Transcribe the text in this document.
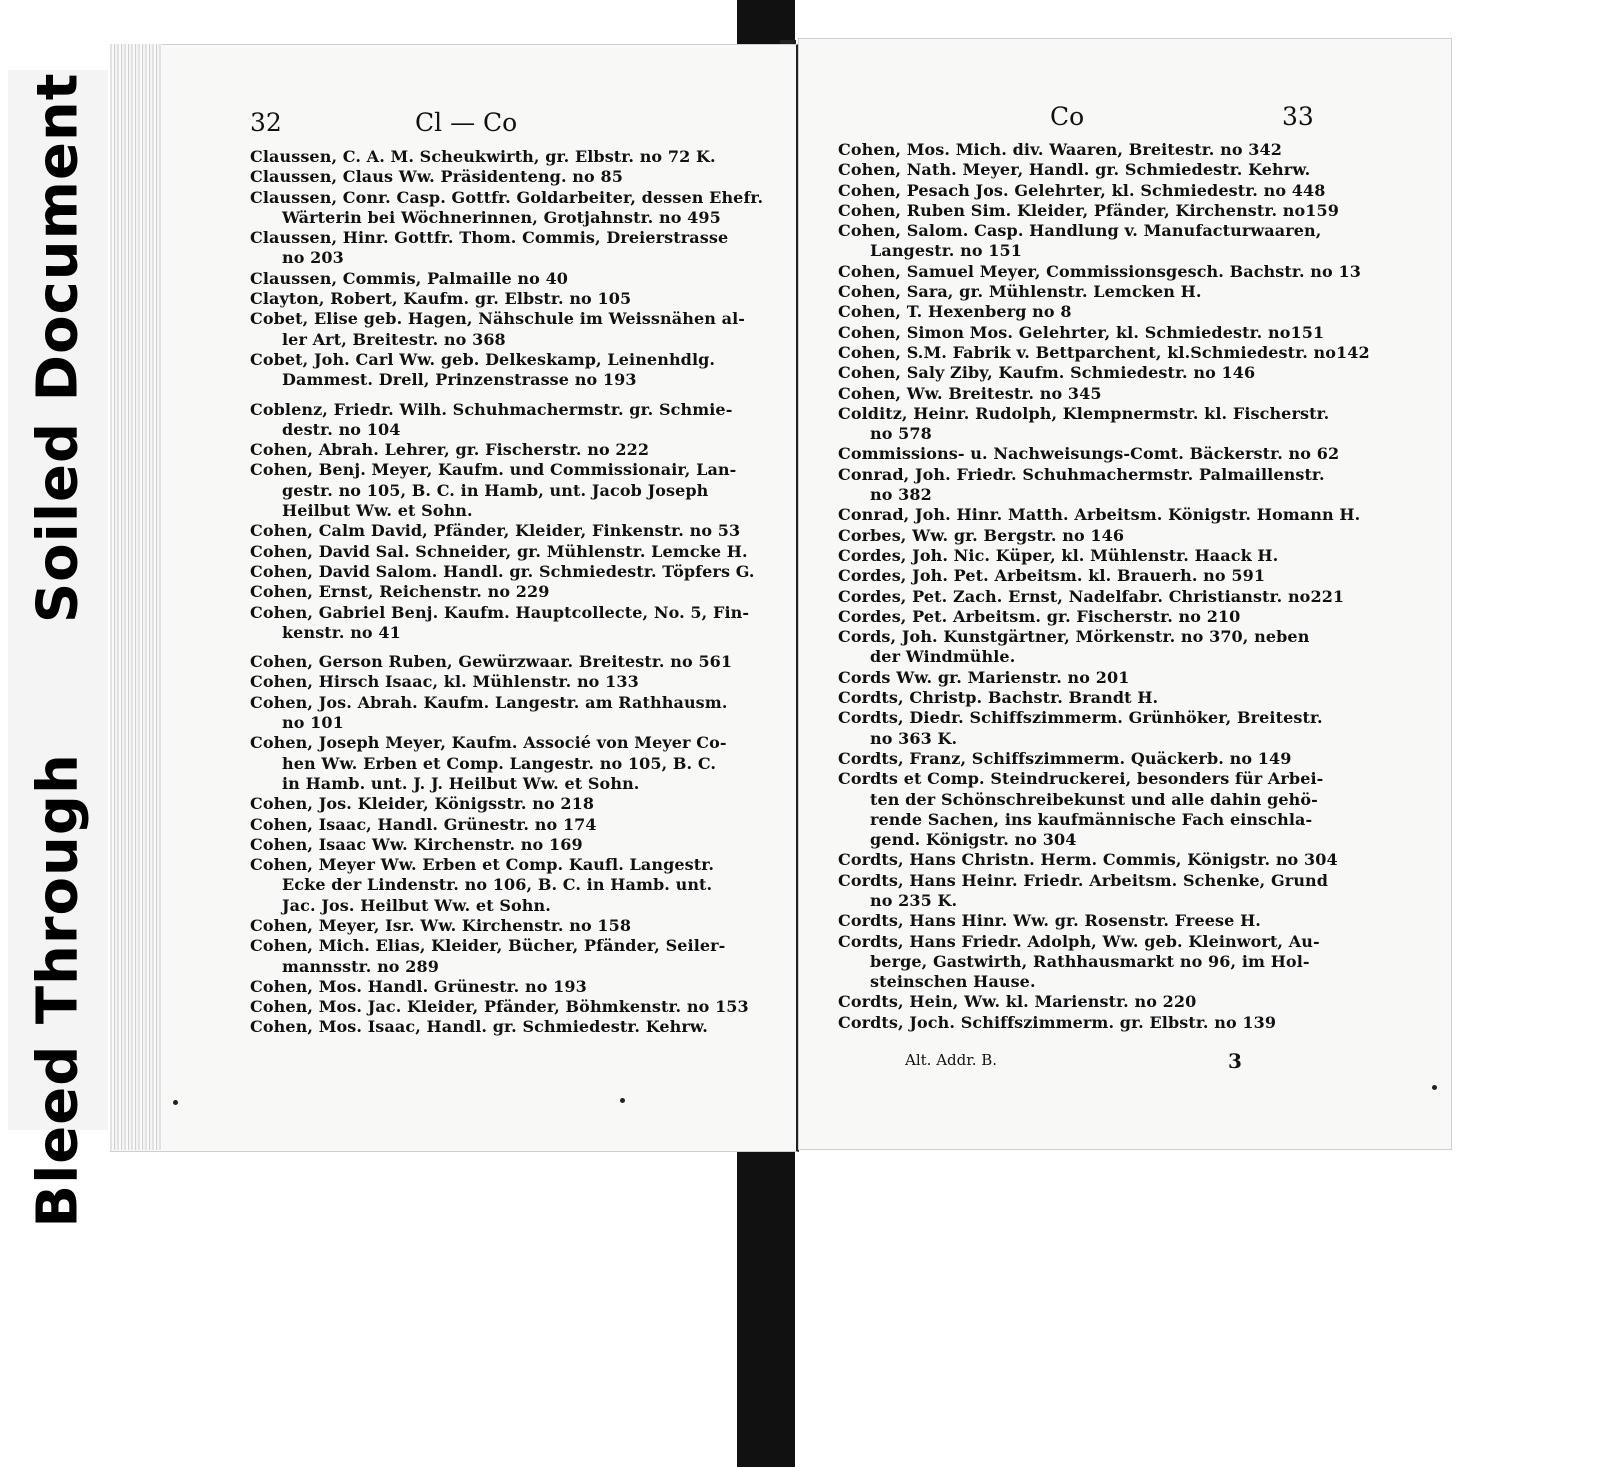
Bleed ThroughSoiled Document	32	Cl — Co
Claussen, C. A. M. Scheukwirth, gr. Elbstr. no 72 K.
Claussen, Claus Ww. Präsidenteng. no 85
Claussen, Conr. Casp. Gottfr. Goldarbeiter, dessen Ehefr.
Wärterin bei Wöchnerinnen, Grotjahnstr. no 495
Claussen, Hinr. Gottfr. Thom. Commis, Dreierstrasse
no 203
Claussen, Commis, Palmaille no 40
Clayton, Robert, Kaufm. gr. Elbstr. no 105
Cobet, Elise geb. Hagen, Nähschule im Weissnähen al-
ler Art, Breitestr. no 368
Cobet, Joh. Carl Ww. geb. Delkeskamp, Leinenhdlg.
Dammest. Drell, Prinzenstrasse no 193
Coblenz, Friedr. Wilh. Schuhmachermstr. gr. Schmie-
destr. no 104
Cohen, Abrah. Lehrer, gr. Fischerstr. no 222
Cohen, Benj. Meyer, Kaufm. und Commissionair, Lan-
gestr. no 105, B. C. in Hamb, unt. Jacob Joseph
Heilbut Ww. et Sohn.
Cohen, Calm David, Pfänder, Kleider, Finkenstr. no 53
Cohen, David Sal. Schneider, gr. Mühlenstr. Lemcke H.
Cohen, David Salom. Handl. gr. Schmiedestr. Töpfers G.
Cohen, Ernst, Reichenstr. no 229
Cohen, Gabriel Benj. Kaufm. Hauptcollecte, No. 5, Fin-
kenstr. no 41
Cohen, Gerson Ruben, Gewürzwaar. Breitestr. no 561
Cohen, Hirsch Isaac, kl. Mühlenstr. no 133
Cohen, Jos. Abrah. Kaufm. Langestr. am Rathhausm.
no 101
Cohen, Joseph Meyer, Kaufm. Associé von Meyer Co-
hen Ww. Erben et Comp. Langestr. no 105, B. C.
in Hamb. unt. J. J. Heilbut Ww. et Sohn.
Cohen, Jos. Kleider, Königsstr. no 218
Cohen, Isaac, Handl. Grünestr. no 174
Cohen, Isaac Ww. Kirchenstr. no 169
Cohen, Meyer Ww. Erben et Comp. Kaufl. Langestr.
Ecke der Lindenstr. no 106, B. C. in Hamb. unt.
Jac. Jos. Heilbut Ww. et Sohn.
Cohen, Meyer, Isr. Ww. Kirchenstr. no 158
Cohen, Mich. Elias, Kleider, Bücher, Pfänder, Seiler-
mannsstr. no 289
Cohen, Mos. Handl. Grünestr. no 193
Cohen, Mos. Jac. Kleider, Pfänder, Böhmkenstr. no 153
Cohen, Mos. Isaac, Handl. gr. Schmiedestr. Kehrw.
Co	33
Cohen, Mos. Mich. div. Waaren, Breitestr. no 342
Cohen, Nath. Meyer, Handl. gr. Schmiedestr. Kehrw.
Cohen, Pesach Jos. Gelehrter, kl. Schmiedestr. no 448
Cohen, Ruben Sim. Kleider, Pfänder, Kirchenstr. no159
Cohen, Salom. Casp. Handlung v. Manufacturwaaren,
Langestr. no 151
Cohen, Samuel Meyer, Commissionsgesch. Bachstr. no 13
Cohen, Sara, gr. Mühlenstr. Lemcken H.
Cohen, T. Hexenberg no 8
Cohen, Simon Mos. Gelehrter, kl. Schmiedestr. no151
Cohen, S.M. Fabrik v. Bettparchent, kl.Schmiedestr. no142
Cohen, Saly Ziby, Kaufm. Schmiedestr. no 146
Cohen, Ww. Breitestr. no 345
Colditz, Heinr. Rudolph, Klempnermstr. kl. Fischerstr.
no 578
Commissions- u. Nachweisungs-Comt. Bäckerstr. no 62
Conrad, Joh. Friedr. Schuhmachermstr. Palmaillenstr.
no 382
Conrad, Joh. Hinr. Matth. Arbeitsm. Königstr. Homann H.
Corbes, Ww. gr. Bergstr. no 146
Cordes, Joh. Nic. Küper, kl. Mühlenstr. Haack H.
Cordes, Joh. Pet. Arbeitsm. kl. Brauerh. no 591
Cordes, Pet. Zach. Ernst, Nadelfabr. Christianstr. no221
Cordes, Pet. Arbeitsm. gr. Fischerstr. no 210
Cords, Joh. Kunstgärtner, Mörkenstr. no 370, neben
der Windmühle.
Cords Ww. gr. Marienstr. no 201
Cordts, Christp. Bachstr. Brandt H.
Cordts, Diedr. Schiffszimmerm. Grünhöker, Breitestr.
no 363 K.
Cordts, Franz, Schiffszimmerm. Quäckerb. no 149
Cordts et Comp. Steindruckerei, besonders für Arbei-
ten der Schönschreibekunst und alle dahin gehö-
rende Sachen, ins kaufmännische Fach einschla-
gend. Königstr. no 304
Cordts, Hans Christn. Herm. Commis, Königstr. no 304
Cordts, Hans Heinr. Friedr. Arbeitsm. Schenke, Grund
no 235 K.
Cordts, Hans Hinr. Ww. gr. Rosenstr. Freese H.
Cordts, Hans Friedr. Adolph, Ww. geb. Kleinwort, Au-
berge, Gastwirth, Rathhausmarkt no 96, im Hol-
steinschen Hause.
Cordts, Hein, Ww. kl. Marienstr. no 220
Cordts, Joch. Schiffszimmerm. gr. Elbstr. no 139
Alt. Addr. B.	3
